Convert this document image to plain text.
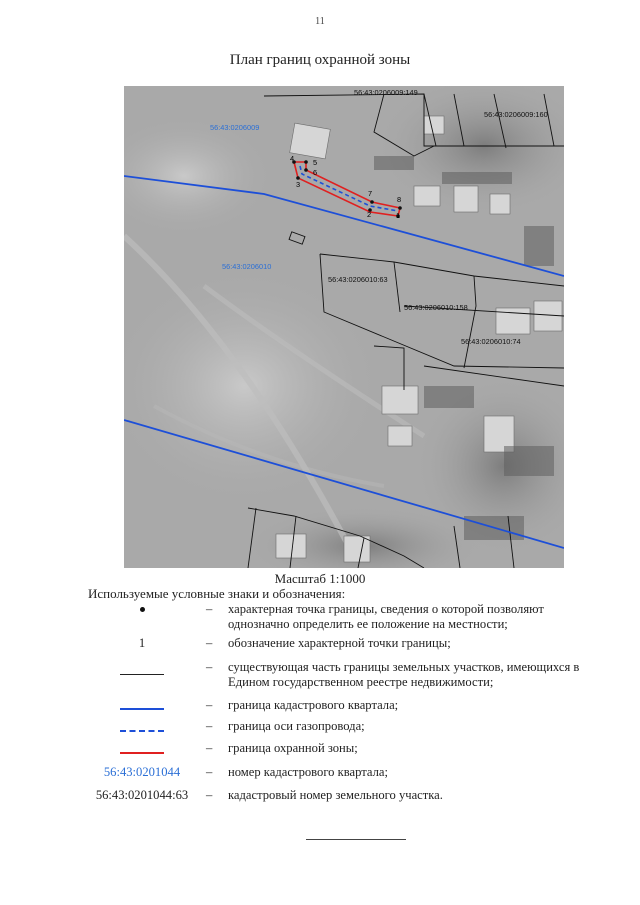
11
План границ охранной зоны
1
2
3
4	5
6
7
8
56:43:0206009
56:43:0206010
56:43:0206009:149
56:43:0206009:160
56:43:0206010:63
56:43:0206010:158
56:43:0206010:74
Масштаб 1:1000
Используемые условные знаки и обозначения:
– характерная точка границы, сведения о которой позволяют однозначно определить ее положение на местности;
1	– обозначение характерной точки границы;
– существующая часть границы земельных участков, имеющихся в Едином государственном реестре недвижимости;
– граница кадастрового квартала;
– граница оси газопровода;
– граница охранной зоны;
56:43:0201044	– номер кадастрового квартала;
56:43:0201044:63	– кадастровый номер земельного участка.
